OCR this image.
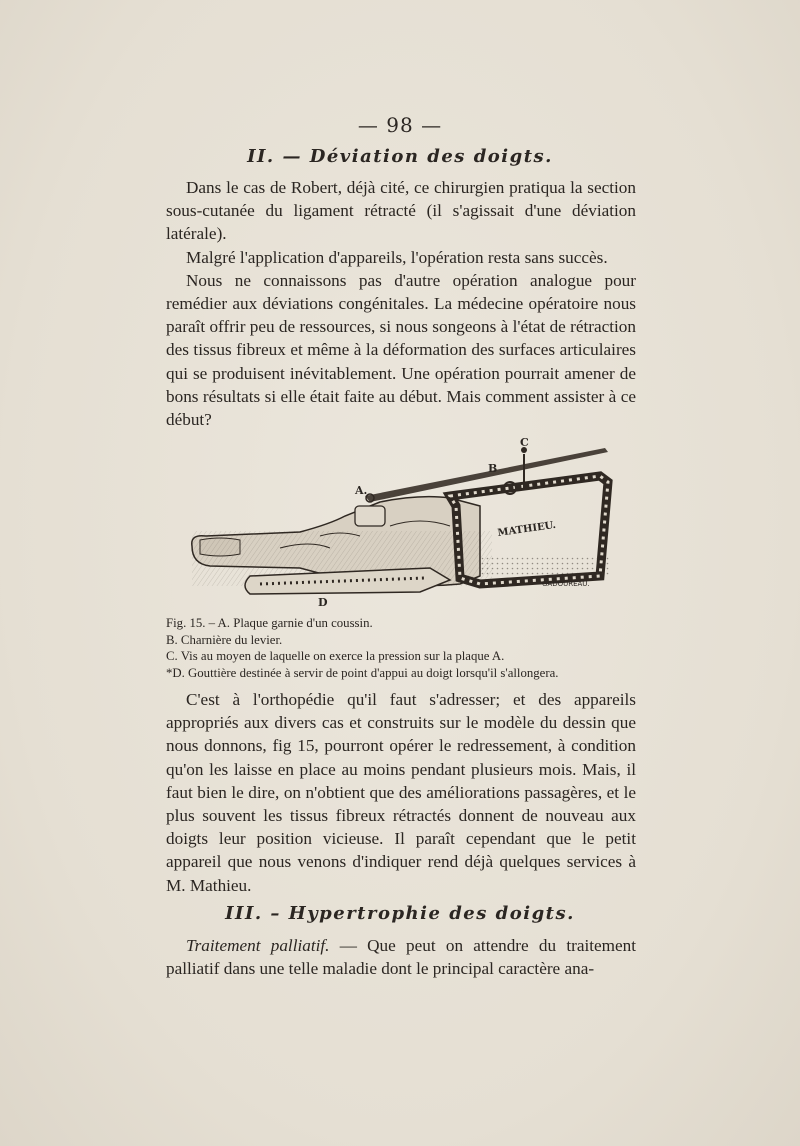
— 98 —
II. — Déviation des doigts.

Dans le cas de Robert, déjà cité, ce chirurgien pratiqua la section sous-cutanée du ligament rétracté (il s'agissait d'une déviation latérale).

Malgré l'application d'appareils, l'opération resta sans succès.

Nous ne connaissons pas d'autre opération analogue pour remédier aux déviations congénitales. La médecine opératoire nous paraît offrir peu de ressources, si nous songeons à l'état de rétraction des tissus fibreux et même à la déformation des surfaces articulaires qui se produisent inévitablement. Une opération pourrait amener de bons résultats si elle était faite au début. Mais comment assister à ce début?

A.
B
C
D
MATHIEU.
GADOUREAU.
Fig. 15. – A. Plaque garnie d'un coussin.
B. Charnière du levier.
C. Vis au moyen de laquelle on exerce la pression sur la plaque A.
*D. Gouttière destinée à servir de point d'appui au doigt lorsqu'il s'allongera.

C'est à l'orthopédie qu'il faut s'adresser; et des appareils appropriés aux divers cas et construits sur le modèle du dessin que nous donnons, fig 15, pourront opérer le redressement, à condition qu'on les laisse en place au moins pendant plusieurs mois. Mais, il faut bien le dire, on n'obtient que des améliorations passagères, et le plus souvent les tissus fibreux rétractés donnent de nouveau aux doigts leur position vicieuse. Il paraît cependant que le petit appareil que nous venons d'indiquer rend déjà quelques services à M. Mathieu.

III. – Hypertrophie des doigts.

Traitement palliatif. — Que peut on attendre du traitement palliatif dans une telle maladie dont le principal caractère ana-
